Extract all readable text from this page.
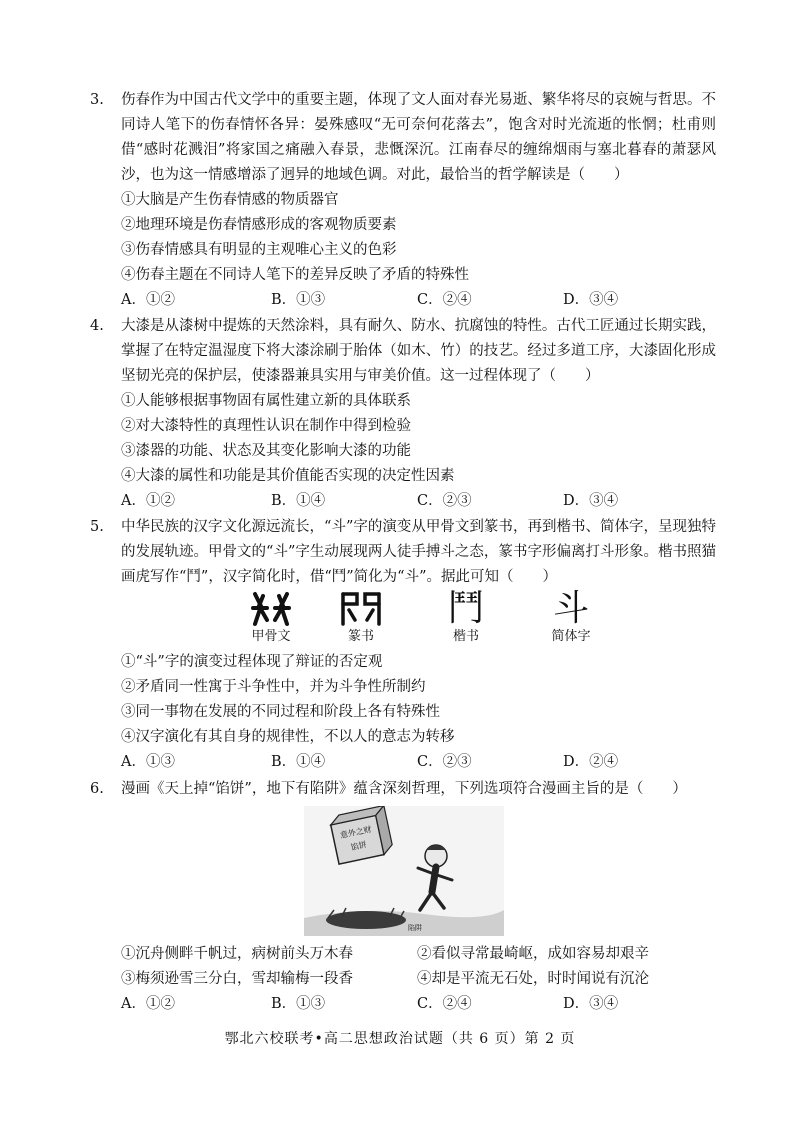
3. 伤春作为中国古代文学中的重要主题，体现了文人面对春光易逝、繁华将尽的哀婉与哲思。不同诗人笔下的伤春情怀各异：晏殊感叹“无可奈何花落去”，饱含对时光流逝的怅惘；杜甫则借“感时花溅泪”将家国之痛融入春景，悲慨深沉。江南春尽的缠绵烟雨与塞北暮春的萧瑟风沙，也为这一情感增添了迥异的地域色调。对此，最恰当的哲学解读是（　　）
①大脑是产生伤春情感的物质器官
②地理环境是伤春情感形成的客观物质要素
③伤春情感具有明显的主观唯心主义的色彩
④伤春主题在不同诗人笔下的差异反映了矛盾的特殊性
A．①②	B．①③	C．②④	D．③④
4. 大漆是从漆树中提炼的天然涂料，具有耐久、防水、抗腐蚀的特性。古代工匠通过长期实践，掌握了在特定温湿度下将大漆涂刷于胎体（如木、竹）的技艺。经过多道工序，大漆固化形成坚韧光亮的保护层，使漆器兼具实用与审美价值。这一过程体现了（　　）
①人能够根据事物固有属性建立新的具体联系
②对大漆特性的真理性认识在制作中得到检验
③漆器的功能、状态及其变化影响大漆的功能
④大漆的属性和功能是其价值能否实现的决定性因素
A．①②	B．①④	C．②③	D．③④
5. 中华民族的汉字文化源远流长，“斗”字的演变从甲骨文到篆书，再到楷书、简体字，呈现独特的发展轨迹。甲骨文的“斗”字生动展现两人徒手搏斗之态，篆书字形偏离打斗形象。楷书照猫画虎写作“鬥”，汉字简化时，借“鬥”简化为“斗”。据此可知（　　）
甲骨文	篆书
鬥
楷书
斗
简体字
①“斗”字的演变过程体现了辩证的否定观
②矛盾同一性寓于斗争性中，并为斗争性所制约
③同一事物在发展的不同过程和阶段上各有特殊性
④汉字演化有其自身的规律性，不以人的意志为转移
A．①③	B．①④	C．②③	D．②④
6. 漫画《天上掉“馅饼”，地下有陷阱》蕴含深刻哲理，下列选项符合漫画主旨的是（　　）
意外之财
馅饼
陷阱
①沉舟侧畔千帆过，病树前头万木春	②看似寻常最崎岖，成如容易却艰辛
③梅须逊雪三分白，雪却输梅一段香	④却是平流无石处，时时闻说有沉沦
A．①②	B．①③	C．②④	D．③④
鄂北六校联考•高二思想政治试题（共 6 页）第 2 页
